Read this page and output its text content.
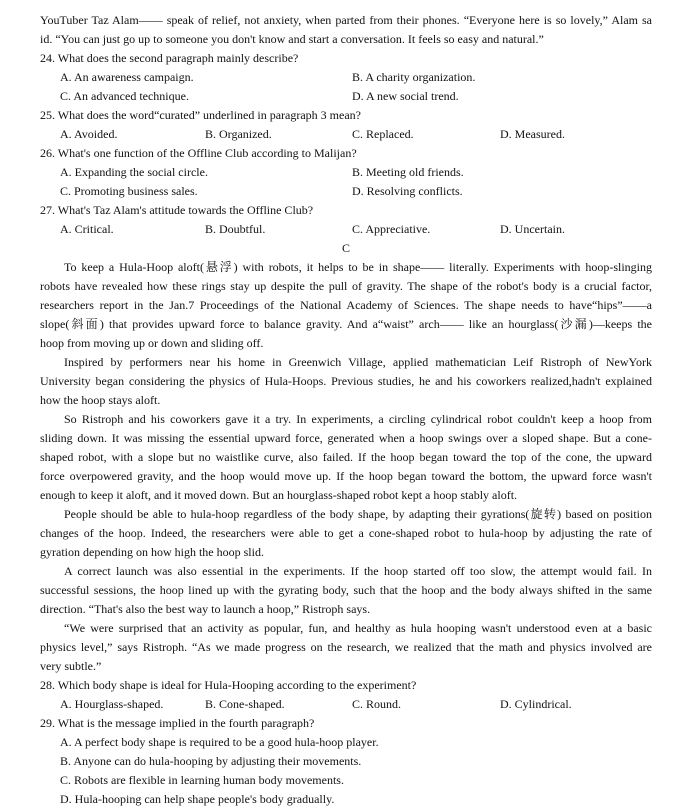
YouTuber Taz Alam—— speak of relief, not anxiety, when parted from their phones. “Everyone here is so lovely,” Alam sa
id. “You can just go up to someone you don't know and start a conversation. It feels so easy and natural.”
24. What does the second paragraph mainly describe?
A. An awareness campaign.	B. A charity organization.
C. An advanced technique.	D. A new social trend.
25. What does the word“curated” underlined in paragraph 3 mean?
A. Avoided.	B. Organized.	C. Replaced.	D. Measured.
26. What's one function of the Offline Club according to Malijan?
A. Expanding the social circle.	B. Meeting old friends.
C. Promoting business sales.	D. Resolving conflicts.
27. What's Taz Alam's attitude towards the Offline Club?
A. Critical.	B. Doubtful.	C. Appreciative.	D. Uncertain.
C
To keep a Hula-Hoop aloft(悬浮) with robots, it helps to be in shape—— literally. Experiments with hoop-slinging
robots have revealed how these rings stay up despite the pull of gravity. The shape of the robot's body is a crucial factor,
researchers report in the Jan.7 Proceedings of the National Academy of Sciences. The shape needs to have“hips”——a
slope(斜面) that provides upward force to balance gravity. And a“waist” arch—— like an hourglass(沙漏)—keeps the
hoop from moving up or down and sliding off.
Inspired by performers near his home in Greenwich Village, applied mathematician Leif Ristroph of NewYork
University began considering the physics of Hula-Hoops. Previous studies, he and his coworkers realized,hadn't explained
how the hoop stays aloft.
So Ristroph and his coworkers gave it a try. In experiments, a circling cylindrical robot couldn't keep a hoop from
sliding down. It was missing the essential upward force, generated when a hoop swings over a sloped shape. But a cone-
shaped robot, with a slope but no waistlike curve, also failed. If the hoop began toward the top of the cone, the upward
force overpowered gravity, and the hoop would move up. If the hoop began toward the bottom, the upward force wasn't
enough to keep it aloft, and it moved down. But an hourglass-shaped robot kept a hoop stably aloft.
People should be able to hula-hoop regardless of the body shape, by adapting their gyrations(旋转) based on position
changes of the hoop. Indeed, the researchers were able to get a cone-shaped robot to hula-hoop by adjusting the rate of
gyration depending on how high the hoop slid.
A correct launch was also essential in the experiments. If the hoop started off too slow, the attempt would fail. In
successful sessions, the hoop lined up with the gyrating body, such that the hoop and the body always shifted in the same
direction. “That's also the best way to launch a hoop,” Ristroph says.
“We were surprised that an activity as popular, fun, and healthy as hula hooping wasn't understood even at a basic
physics level,” says Ristroph. “As we made progress on the research, we realized that the math and physics involved are
very subtle.”
28. Which body shape is ideal for Hula-Hooping according to the experiment?
A. Hourglass-shaped.	B. Cone-shaped.	C. Round.	D. Cylindrical.
29. What is the message implied in the fourth paragraph?
A. A perfect body shape is required to be a good hula-hoop player.
B. Anyone can do hula-hooping by adjusting their movements.
C. Robots are flexible in learning human body movements.
D. Hula-hooping can help shape people's body gradually.
